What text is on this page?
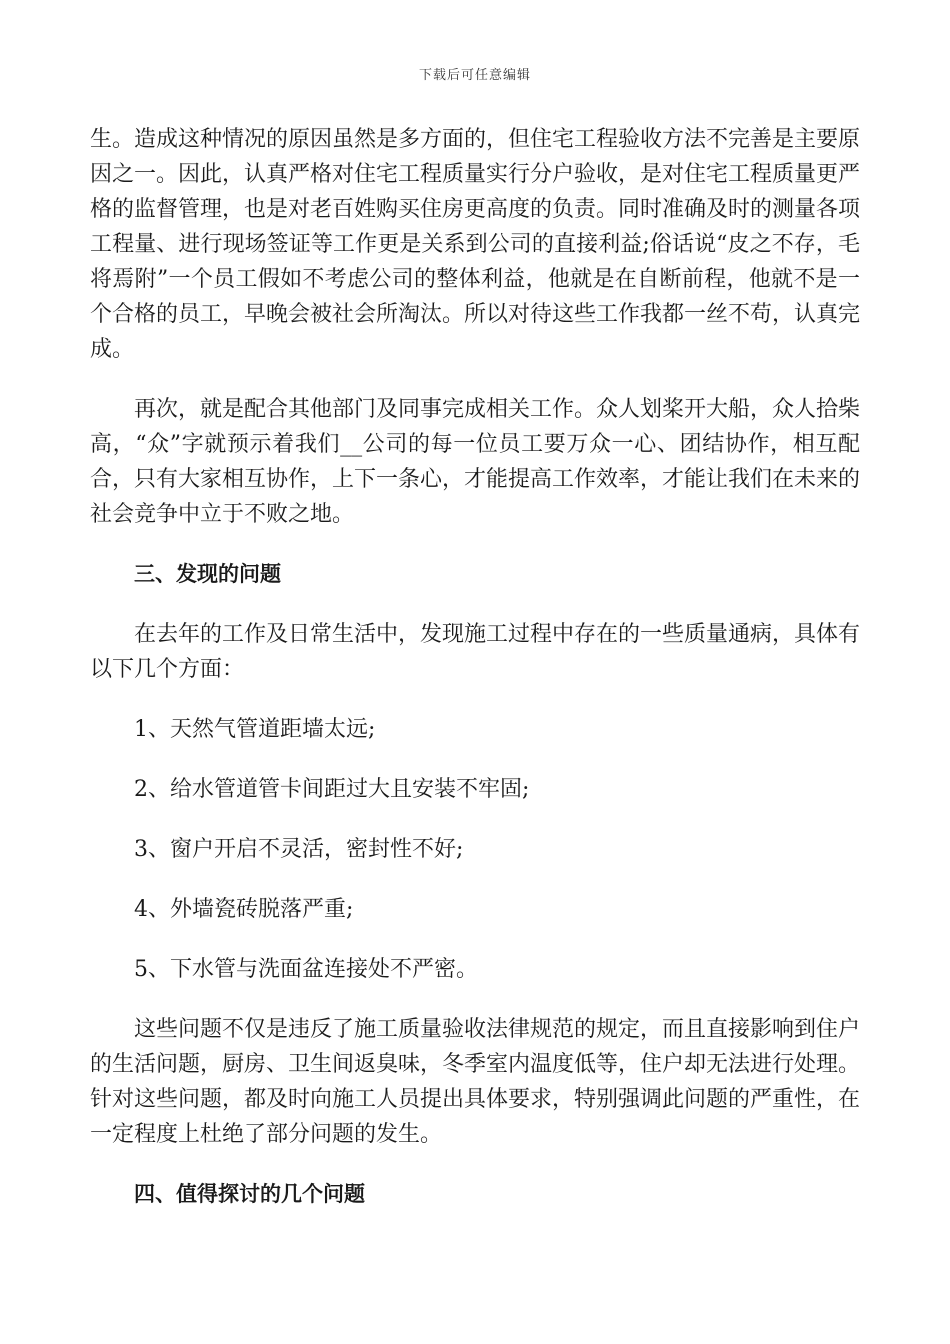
下载后可任意编辑

生。造成这种情况的原因虽然是多方面的，但住宅工程验收方法不完善是主要原因之一。因此，认真严格对住宅工程质量实行分户验收，是对住宅工程质量更严格的监督管理，也是对老百姓购买住房更高度的负责。同时准确及时的测量各项工程量、进行现场签证等工作更是关系到公司的直接利益;俗话说“皮之不存，毛将焉附”一个员工假如不考虑公司的整体利益，他就是在自断前程，他就不是一个合格的员工，早晚会被社会所淘汰。所以对待这些工作我都一丝不苟，认真完成。

再次，就是配合其他部门及同事完成相关工作。众人划桨开大船，众人拾柴高，“众”字就预示着我们__公司的每一位员工要万众一心、团结协作，相互配合，只有大家相互协作，上下一条心，才能提高工作效率，才能让我们在未来的社会竞争中立于不败之地。

三、发现的问题

在去年的工作及日常生活中，发现施工过程中存在的一些质量通病，具体有以下几个方面：

1、天然气管道距墙太远;

2、给水管道管卡间距过大且安装不牢固;

3、窗户开启不灵活，密封性不好;

4、外墙瓷砖脱落严重;

5、下水管与洗面盆连接处不严密。

这些问题不仅是违反了施工质量验收法律规范的规定，而且直接影响到住户的生活问题，厨房、卫生间返臭味，冬季室内温度低等，住户却无法进行处理。针对这些问题，都及时向施工人员提出具体要求，特别强调此问题的严重性，在一定程度上杜绝了部分问题的发生。

四、值得探讨的几个问题
